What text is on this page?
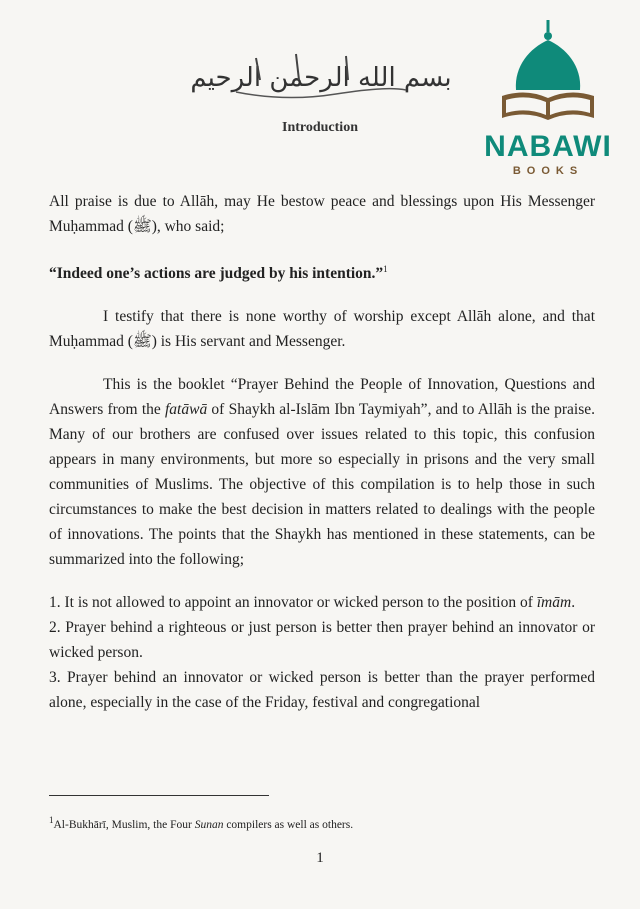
بسم الله الرحمن الرحيم
Introduction
NABAWI
BOOKS

All praise is due to Allāh, may He bestow peace and blessings upon His Messenger Muḥammad (ﷺ), who said;

“Indeed one’s actions are judged by his intention.”$^1$

I testify that there is none worthy of worship except Allāh alone, and that Muḥammad (ﷺ) is His servant and Messenger.

This is the booklet “Prayer Behind the People of Innovation, Questions and Answers from the fatāwā of Shaykh al-Islām Ibn Taymiyah”, and to Allāh is the praise. Many of our brothers are confused over issues related to this topic, this confusion appears in many environments, but more so especially in prisons and the very small communities of Muslims. The objective of this compilation is to help those in such circumstances to make the best decision in matters related to dealings with the people of innovations. The points that the Shaykh has mentioned in these statements, can be summarized into the following;

1. It is not allowed to appoint an innovator or wicked person to the position of īmām.

2. Prayer behind a righteous or just person is better then prayer behind an innovator or wicked person.

3. Prayer behind an innovator or wicked person is better than the prayer performed alone, especially in the case of the Friday, festival and congregational

$^1$Al-Bukhārī, Muslim, the Four Sunan compilers as well as others.
1
